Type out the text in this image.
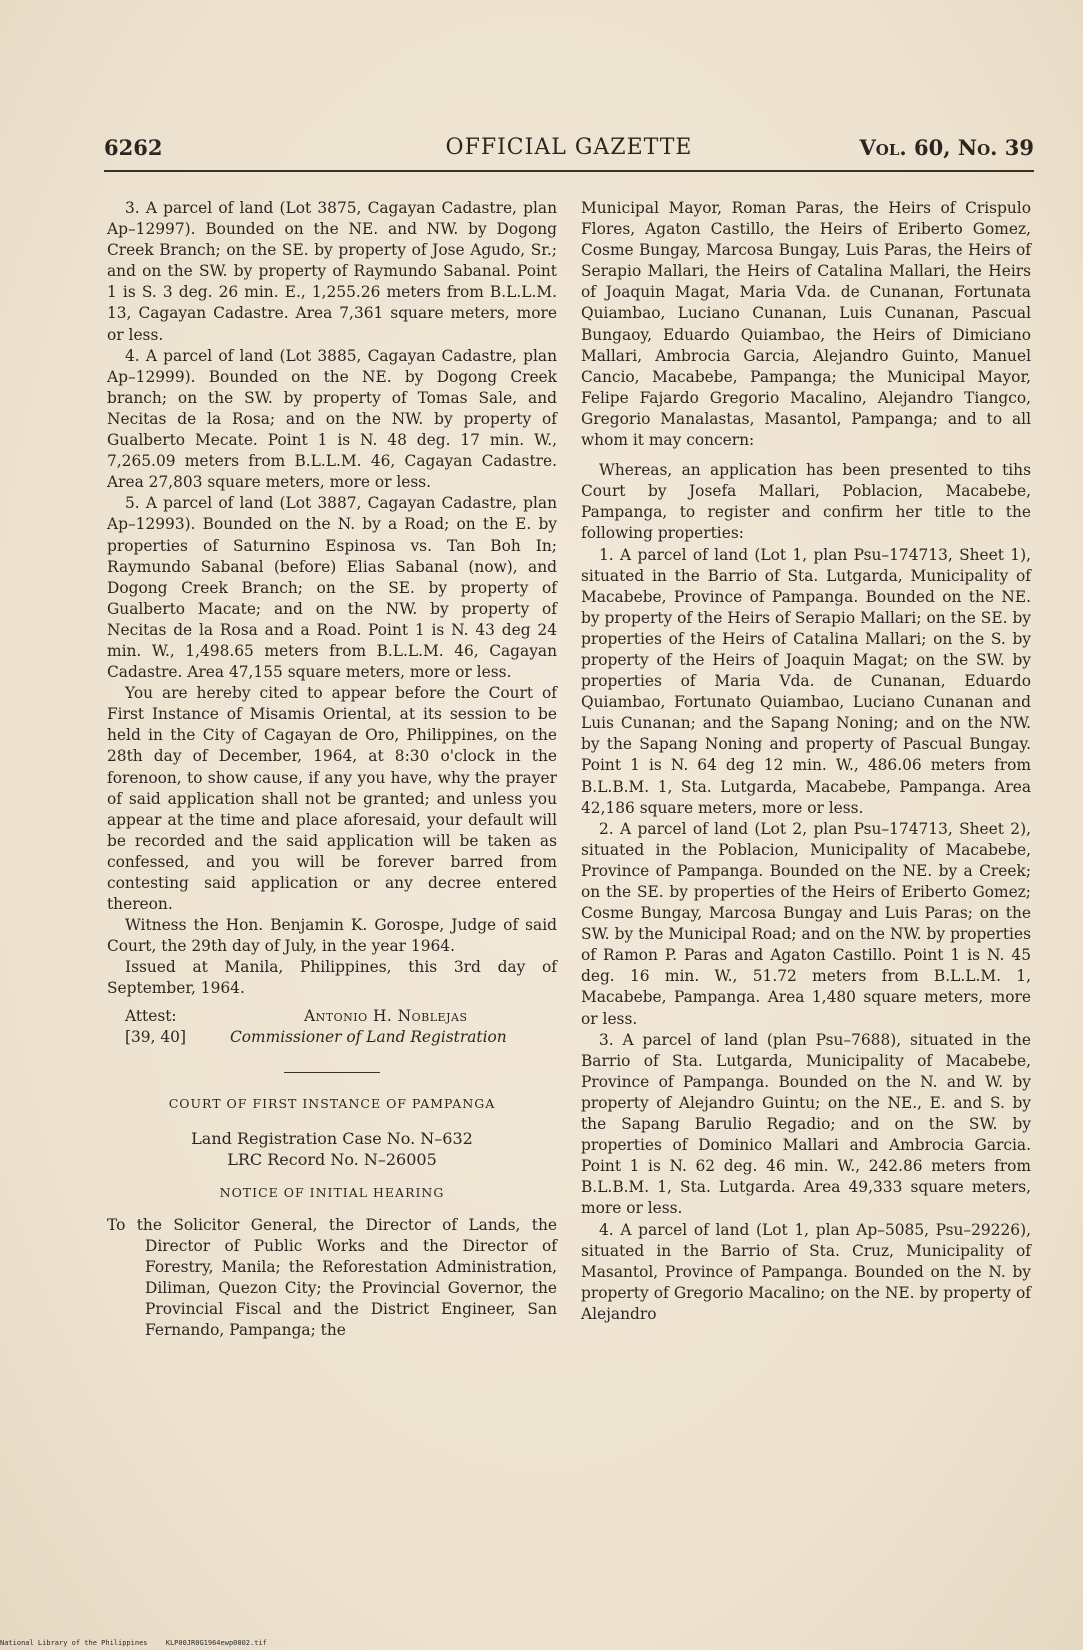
6262	OFFICIAL GAZETTE	Vol. 60, No. 39

3. A parcel of land (Lot 3875, Cagayan Cadastre, plan Ap–12997). Bounded on the NE. and NW. by Dogong Creek Branch; on the SE. by property of Jose Agudo, Sr.; and on the SW. by property of Raymundo Sabanal. Point 1 is S. 3 deg. 26 min. E., 1,255.26 meters from B.L.L.M. 13, Cagayan Cadastre. Area 7,361 square meters, more or less.

4. A parcel of land (Lot 3885, Cagayan Cadastre, plan Ap–12999). Bounded on the NE. by Dogong Creek branch; on the SW. by property of Tomas Sale, and Necitas de la Rosa; and on the NW. by property of Gualberto Mecate. Point 1 is N. 48 deg. 17 min. W., 7,265.09 meters from B.L.L.M. 46, Cagayan Cadastre. Area 27,803 square meters, more or less.

5. A parcel of land (Lot 3887, Cagayan Cadastre, plan Ap–12993). Bounded on the N. by a Road; on the E. by properties of Saturnino Espinosa vs. Tan Boh In; Raymundo Sabanal (before) Elias Sabanal (now), and Dogong Creek Branch; on the SE. by property of Gualberto Macate; and on the NW. by property of Necitas de la Rosa and a Road. Point 1 is N. 43 deg 24 min. W., 1,498.65 meters from B.L.L.M. 46, Cagayan Cadastre. Area 47,155 square meters, more or less.

You are hereby cited to appear before the Court of First Instance of Misamis Oriental, at its session to be held in the City of Cagayan de Oro, Philippines, on the 28th day of December, 1964, at 8:30 o'clock in the forenoon, to show cause, if any you have, why the prayer of said application shall not be granted; and unless you appear at the time and place aforesaid, your default will be recorded and the said application will be taken as confessed, and you will be forever barred from contesting said application or any decree entered thereon.

Witness the Hon. Benjamin K. Gorospe, Judge of said Court, the 29th day of July, in the year 1964.

Issued at Manila, Philippines, this 3rd day of September, 1964.

Attest:	Antonio H. Noblejas
[39, 40]	Commissioner of Land Registration
COURT OF FIRST INSTANCE OF PAMPANGA
Land Registration Case No. N–632
LRC Record No. N–26005
NOTICE OF INITIAL HEARING
To the Solicitor General, the Director of Lands, the Director of Public Works and the Director of Forestry, Manila; the Reforestation Administration, Diliman, Quezon City; the Provincial Governor, the Provincial Fiscal and the District Engineer, San Fernando, Pampanga; the

Municipal Mayor, Roman Paras, the Heirs of Crispulo Flores, Agaton Castillo, the Heirs of Eriberto Gomez, Cosme Bungay, Marcosa Bungay, Luis Paras, the Heirs of Serapio Mallari, the Heirs of Catalina Mallari, the Heirs of Joaquin Magat, Maria Vda. de Cunanan, Fortunata Quiambao, Luciano Cunanan, Luis Cunanan, Pascual Bungaoy, Eduardo Quiambao, the Heirs of Dimiciano Mallari, Ambrocia Garcia, Alejandro Guinto, Manuel Cancio, Macabebe, Pampanga; the Municipal Mayor, Felipe Fajardo Gregorio Macalino, Alejandro Tiangco, Gregorio Manalastas, Masantol, Pampanga; and to all whom it may concern:

Whereas, an application has been presented to tihs Court by Josefa Mallari, Poblacion, Macabebe, Pampanga, to register and confirm her title to the following properties:

1. A parcel of land (Lot 1, plan Psu–174713, Sheet 1), situated in the Barrio of Sta. Lutgarda, Municipality of Macabebe, Province of Pampanga. Bounded on the NE. by property of the Heirs of Serapio Mallari; on the SE. by properties of the Heirs of Catalina Mallari; on the S. by property of the Heirs of Joaquin Magat; on the SW. by properties of Maria Vda. de Cunanan, Eduardo Quiambao, Fortunato Quiambao, Luciano Cunanan and Luis Cunanan; and the Sapang Noning; and on the NW. by the Sapang Noning and property of Pascual Bungay. Point 1 is N. 64 deg 12 min. W., 486.06 meters from B.L.B.M. 1, Sta. Lutgarda, Macabebe, Pampanga. Area 42,186 square meters, more or less.

2. A parcel of land (Lot 2, plan Psu–174713, Sheet 2), situated in the Poblacion, Municipality of Macabebe, Province of Pampanga. Bounded on the NE. by a Creek; on the SE. by properties of the Heirs of Eriberto Gomez; Cosme Bungay, Marcosa Bungay and Luis Paras; on the SW. by the Municipal Road; and on the NW. by properties of Ramon P. Paras and Agaton Castillo. Point 1 is N. 45 deg. 16 min. W., 51.72 meters from B.L.L.M. 1, Macabebe, Pampanga. Area 1,480 square meters, more or less.

3. A parcel of land (plan Psu–7688), situated in the Barrio of Sta. Lutgarda, Municipality of Macabebe, Province of Pampanga. Bounded on the N. and W. by property of Alejandro Guintu; on the NE., E. and S. by the Sapang Barulio Regadio; and on the SW. by properties of Dominico Mallari and Ambrocia Garcia. Point 1 is N. 62 deg. 46 min. W., 242.86 meters from B.L.B.M. 1, Sta. Lutgarda. Area 49,333 square meters, more or less.

4. A parcel of land (Lot 1, plan Ap–5085, Psu–29226), situated in the Barrio of Sta. Cruz, Municipality of Masantol, Province of Pampanga. Bounded on the N. by property of Gregorio Macalino; on the NE. by property of Alejandro

National Library of the Philippines	KLP00JR0G1964ewp0802.tif
